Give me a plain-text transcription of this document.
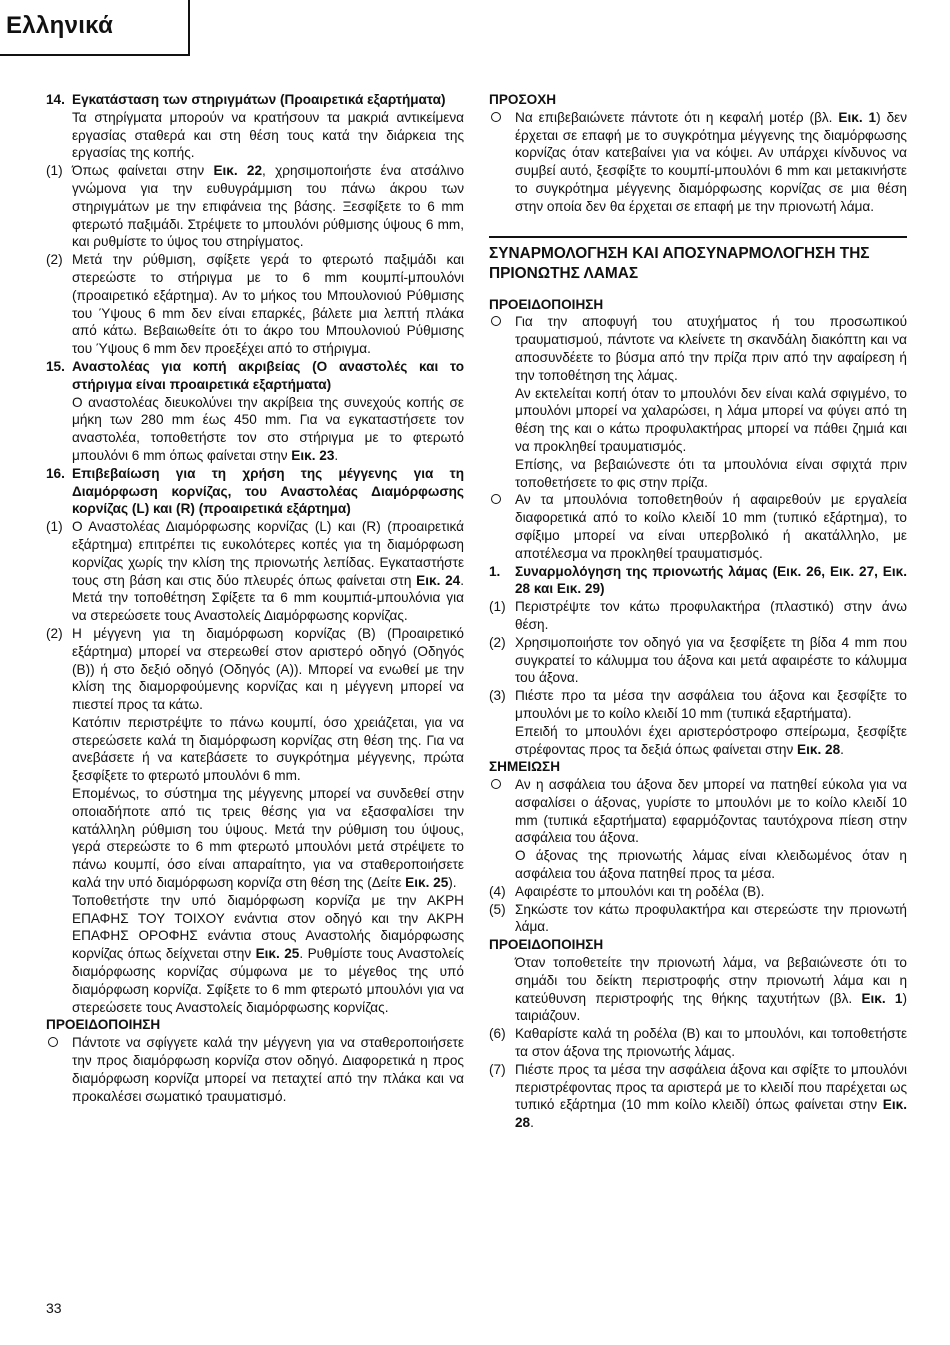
Ελληνικά

14. Εγκατάσταση των στηριγμάτων (Προαιρετικά εξαρτήματα)

Τα στηρίγματα μπορούν να κρατήσουν τα μακριά αντικείμενα εργασίας σταθερά και στη θέση τους κατά την διάρκεια της εργασίας της κοπής.

(1) Όπως φαίνεται στην Εικ. 22, χρησιμοποιήστε ένα ατσάλινο γνώμονα για την ευθυγράμμιση του πάνω άκρου των στηριγμάτων με την επιφάνεια της βάσης. Ξεσφίξετε το 6 mm φτερωτό παξιμάδι. Στρέψετε το μπουλόνι ρύθμισης ύψους 6 mm, και ρυθμίστε το ύψος του στηρίγματος.

(2) Μετά την ρύθμιση, σφίξετε γερά το φτερωτό παξιμάδι και στερεώστε το στήριγμα με το 6 mm κουμπί-μπουλόνι (προαιρετικό εξάρτημα). Αν το μήκος του Μπουλονιού Ρύθμισης του Ύψους 6 mm δεν είναι επαρκές, βάλετε μια λεπτή πλάκα από κάτω. Βεβαιωθείτε ότι το άκρο του Μπουλονιού Ρύθμισης του Ύψους 6 mm δεν προεξέχει από το στήριγμα.

15. Αναστολέας για κοπή ακριβείας (Ο αναστολές και το στήριγμα είναι προαιρετικά εξαρτήματα)

Ο αναστολέας διευκολύνει την ακρίβεια της συνεχούς κοπής σε μήκη των 280 mm έως 450 mm. Για να εγκαταστήσετε τον αναστολέα, τοποθετήστε τον στο στήριγμα με το φτερωτό μπουλόνι 6 mm όπως φαίνεται στην Εικ. 23.

16. Επιβεβαίωση για τη χρήση της μέγγενης για τη Διαμόρφωση κορνίζας, του Αναστολέας Διαμόρφωσης κορνίζας (L) και (R) (προαιρετικά εξάρτημα)

(1) Ο Αναστολέας Διαμόρφωσης κορνίζας (L) και (R) (προαιρετικά εξάρτημα) επιτρέπει τις ευκολότερες κοπές για τη διαμόρφωση κορνίζας χωρίς την κλίση της πριονωτής λεπίδας. Εγκαταστήστε τους στη βάση και στις δύο πλευρές όπως φαίνεται στη Εικ. 24. Μετά την τοποθέτηση Σφίξετε τα 6 mm κουμπιά-μπουλόνια για να στερεώσετε τους Αναστολείς Διαμόρφωσης κορνίζας.

(2) Η μέγγενη για τη διαμόρφωση κορνίζας (B) (Προαιρετικό εξάρτημα) μπορεί να στερεωθεί στον αριστερό οδηγό (Οδηγός (B)) ή στο δεξιό οδηγό (Οδηγός (A)). Μπορεί να ενωθεί με την κλίση της διαμορφούμενης κορνίζας και η μέγγενη μπορεί να πιεστεί προς τα κάτω.

Κατόπιν περιστρέψτε το πάνω κουμπί, όσο χρειάζεται, για να στερεώσετε καλά τη διαμόρφωση κορνίζας στη θέση της. Για να ανεβάσετε ή να κατεβάσετε το συγκρότημα μέγγενης, πρώτα ξεσφίξετε το φτερωτό μπουλόνι 6 mm.

Επομένως, το σύστημα της μέγγενης μπορεί να συνδεθεί στην οποιαδήποτε από τις τρεις θέσης για να εξασφαλίσει την κατάλληλη ρύθμιση του ύψους. Μετά την ρύθμιση του ύψους, γερά στερεώστε το 6 mm φτερωτό μπουλόνι μετά στρέψετε το πάνω κουμπί, όσο είναι απαραίτητο, για να σταθεροποιήσετε καλά την υπό διαμόρφωση κορνίζα στη θέση της (Δείτε Εικ. 25).

Τοποθετήστε την υπό διαμόρφωση κορνίζα με την ΑΚΡΗ ΕΠΑΦΗΣ ΤΟΥ ΤΟΙΧΟΥ ενάντια στον οδηγό και την ΑΚΡΗ ΕΠΑΦΗΣ ΟΡΟΦΗΣ ενάντια στους Αναστολής διαμόρφωσης κορνίζας όπως δείχνεται στην Εικ. 25. Ρυθμίστε τους Αναστολείς διαμόρφωσης κορνίζας σύμφωνα με το μέγεθος της υπό διαμόρφωση κορνίζα. Σφίξετε το 6 mm φτερωτό μπουλόνι για να στερεώσετε τους Αναστολείς διαμόρφωσης κορνίζας.

ΠΡΟΕΙΔΟΠΟΙΗΣΗ

Πάντοτε να σφίγγετε καλά την μέγγενη για να σταθεροποιήσετε την προς διαμόρφωση κορνίζα στον οδηγό. Διαφορετικά η προς διαμόρφωση κορνίζα μπορεί να πεταχτεί από την πλάκα και να προκαλέσει σωματικό τραυματισμό.

ΠΡΟΣΟΧΗ

Να επιβεβαιώνετε πάντοτε ότι η κεφαλή μοτέρ (βλ. Εικ. 1) δεν έρχεται σε επαφή με το συγκρότημα μέγγενης της διαμόρφωσης κορνίζας όταν κατεβαίνει για να κόψει. Αν υπάρχει κίνδυνος να συμβεί αυτό, ξεσφίξτε το κουμπί-μπουλόνι 6 mm και μετακινήστε το συγκρότημα μέγγενης διαμόρφωσης κορνίζας σε μια θέση στην οποία δεν θα έρχεται σε επαφή με την πριονωτή λάμα.

ΣΥΝΑΡΜΟΛΟΓΗΣΗ ΚΑΙ ΑΠΟΣΥΝΑΡΜΟΛΟΓΗΣΗ ΤΗΣ ΠΡΙΟΝΩΤΗΣ ΛΑΜΑΣ

ΠΡΟΕΙΔΟΠΟΙΗΣΗ

Για την αποφυγή του ατυχήματος ή του προσωπικού τραυματισμού, πάντοτε να κλείνετε τη σκανδάλη διακόπτη και να αποσυνδέετε το βύσμα από την πρίζα πριν από την αφαίρεση ή την τοποθέτηση της λάμας.

Αν εκτελείται κοπή όταν το μπουλόνι δεν είναι καλά σφιγμένο, το μπουλόνι μπορεί να χαλαρώσει, η λάμα μπορεί να φύγει από τη θέση της και ο κάτω προφυλακτήρας μπορεί να πάθει ζημιά και να προκληθεί τραυματισμός.

Επίσης, να βεβαιώνεστε ότι τα μπουλόνια είναι σφιχτά πριν τοποθετήσετε το φις στην πρίζα.

Αν τα μπουλόνια τοποθετηθούν ή αφαιρεθούν με εργαλεία διαφορετικά από το κοίλο κλειδί 10 mm (τυπικό εξάρτημα), το σφίξιμο μπορεί να είναι υπερβολικό ή ακατάλληλο, με αποτέλεσμα να προκληθεί τραυματισμός.

1. Συναρμολόγηση της πριονωτής λάμας (Εικ. 26, Εικ. 27, Εικ. 28 και Εικ. 29)

(1) Περιστρέψτε τον κάτω προφυλακτήρα (πλαστικό) στην άνω θέση.

(2) Χρησιμοποιήστε τον οδηγό για να ξεσφίξετε τη βίδα 4 mm που συγκρατεί το κάλυμμα του άξονα και μετά αφαιρέστε το κάλυμμα του άξονα.

(3) Πιέστε προ τα μέσα την ασφάλεια του άξονα και ξεσφίξτε το μπουλόνι με το κοίλο κλειδί 10 mm (τυπικά εξαρτήματα).

Επειδή το μπουλόνι έχει αριστερόστροφο σπείρωμα, ξεσφίξτε στρέφοντας προς τα δεξιά όπως φαίνεται στην Εικ. 28.

ΣΗΜΕΙΩΣΗ

Αν η ασφάλεια του άξονα δεν μπορεί να πατηθεί εύκολα για να ασφαλίσει ο άξονας, γυρίστε το μπουλόνι με το κοίλο κλειδί 10 mm (τυπικά εξαρτήματα) εφαρμόζοντας ταυτόχρονα πίεση στην ασφάλεια του άξονα.

Ο άξονας της πριονωτής λάμας είναι κλειδωμένος όταν η ασφάλεια του άξονα πατηθεί προς τα μέσα.

(4) Αφαιρέστε το μπουλόνι και τη ροδέλα (B).

(5) Σηκώστε τον κάτω προφυλακτήρα και στερεώστε την πριονωτή λάμα.

ΠΡΟΕΙΔΟΠΟΙΗΣΗ

Όταν τοποθετείτε την πριονωτή λάμα, να βεβαιώνεστε ότι το σημάδι του δείκτη περιστροφής στην πριονωτή λάμα και η κατεύθυνση περιστροφής της θήκης ταχυτήτων (βλ. Εικ. 1) ταιριάζουν.

(6) Καθαρίστε καλά τη ροδέλα (B) και το μπουλόνι, και τοποθετήστε τα στον άξονα της πριονωτής λάμας.

(7) Πιέστε προς τα μέσα την ασφάλεια άξονα και σφίξτε το μπουλόνι περιστρέφοντας προς τα αριστερά με το κλειδί που παρέχεται ως τυπικό εξάρτημα (10 mm κοίλο κλειδί) όπως φαίνεται στην Εικ. 28.

33
